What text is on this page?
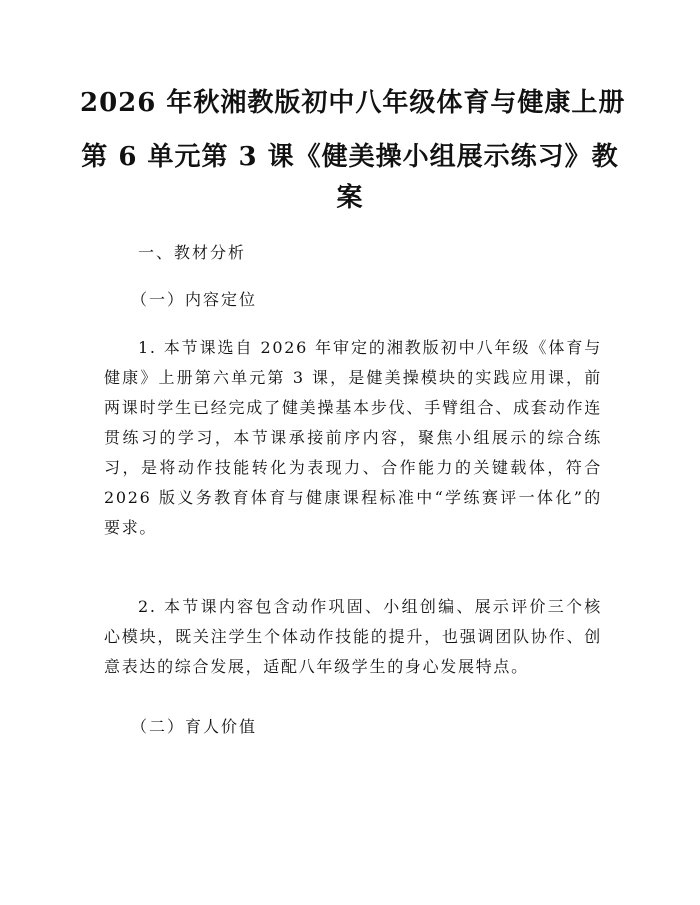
2026 年秋湘教版初中八年级体育与健康上册
第 6 单元第 3 课《健美操小组展示练习》教
案
一、教材分析
（一）内容定位

1. 本节课选自 2026 年审定的湘教版初中八年级《体育与健康》上册第六单元第 3 课，是健美操模块的实践应用课，前两课时学生已经完成了健美操基本步伐、手臂组合、成套动作连贯练习的学习，本节课承接前序内容，聚焦小组展示的综合练习，是将动作技能转化为表现力、合作能力的关键载体，符合 2026 版义务教育体育与健康课程标准中“学练赛评一体化”的要求。

2. 本节课内容包含动作巩固、小组创编、展示评价三个核心模块，既关注学生个体动作技能的提升，也强调团队协作、创意表达的综合发展，适配八年级学生的身心发展特点。

（二）育人价值
